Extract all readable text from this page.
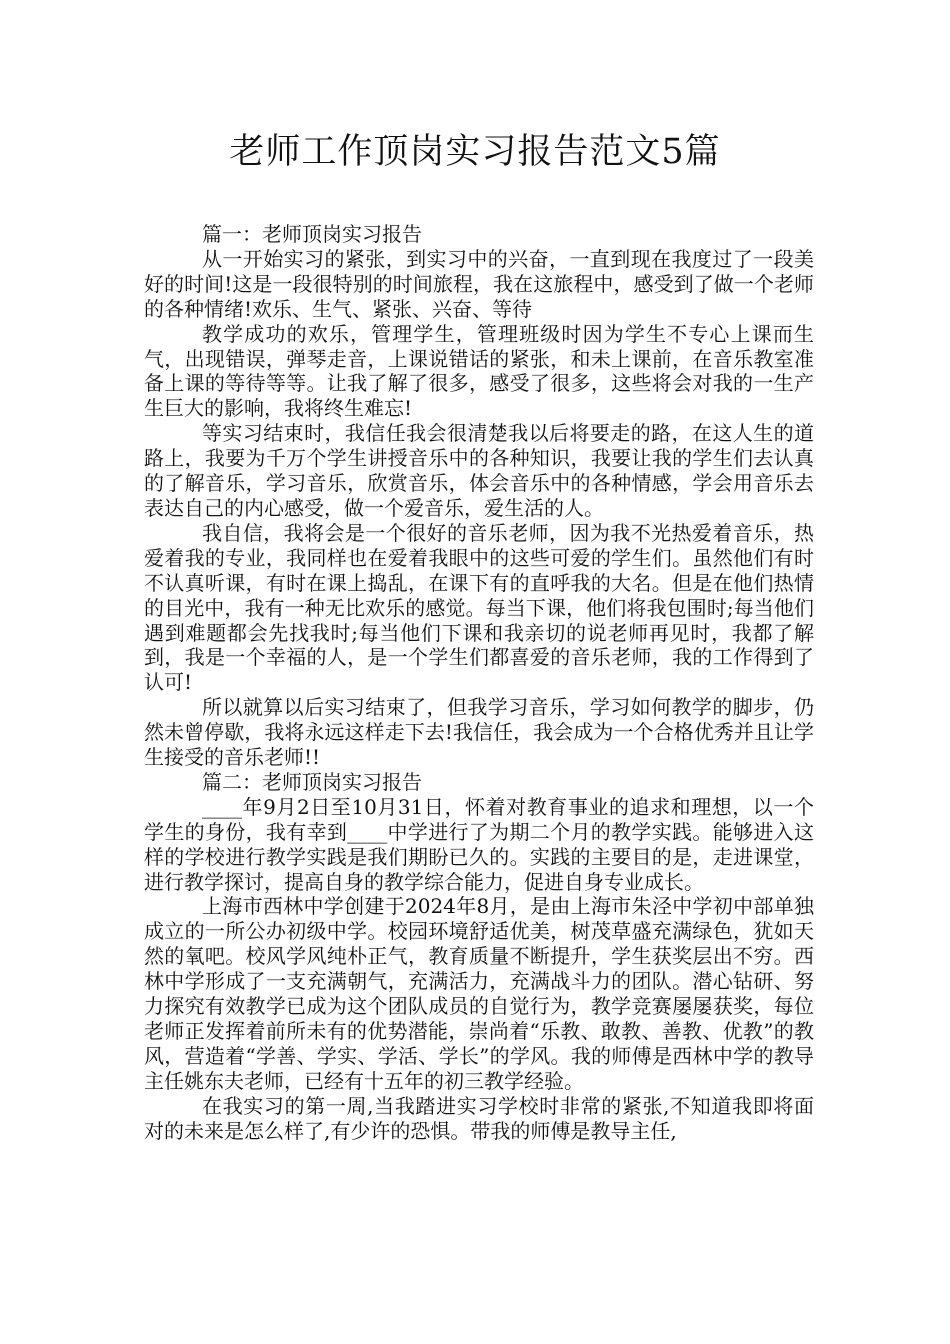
老师工作顶岗实习报告范文5篇

篇一：老师顶岗实习报告

从一开始实习的紧张，到实习中的兴奋，一直到现在我度过了一段美好的时间!这是一段很特别的时间旅程，我在这旅程中，感受到了做一个老师的各种情绪!欢乐、生气、紧张、兴奋、等待

教学成功的欢乐，管理学生，管理班级时因为学生不专心上课而生气，出现错误，弹琴走音，上课说错话的紧张，和未上课前，在音乐教室准备上课的等待等等。让我了解了很多，感受了很多，这些将会对我的一生产生巨大的影响，我将终生难忘!

等实习结束时，我信任我会很清楚我以后将要走的路，在这人生的道路上，我要为千万个学生讲授音乐中的各种知识，我要让我的学生们去认真的了解音乐，学习音乐，欣赏音乐，体会音乐中的各种情感，学会用音乐去表达自己的内心感受，做一个爱音乐，爱生活的人。

我自信，我将会是一个很好的音乐老师，因为我不光热爱着音乐，热爱着我的专业，我同样也在爱着我眼中的这些可爱的学生们。虽然他们有时不认真听课，有时在课上捣乱，在课下有的直呼我的大名。但是在他们热情的目光中，我有一种无比欢乐的感觉。每当下课，他们将我包围时;每当他们遇到难题都会先找我时;每当他们下课和我亲切的说老师再见时，我都了解到，我是一个幸福的人，是一个学生们都喜爱的音乐老师，我的工作得到了认可!

所以就算以后实习结束了，但我学习音乐，学习如何教学的脚步，仍然未曾停歇，我将永远这样走下去!我信任，我会成为一个合格优秀并且让学生接受的音乐老师!!

篇二：老师顶岗实习报告

____年9月2日至10月31日，怀着对教育事业的追求和理想，以一个学生的身份，我有幸到____中学进行了为期二个月的教学实践。能够进入这样的学校进行教学实践是我们期盼已久的。实践的主要目的是，走进课堂，进行教学探讨，提高自身的教学综合能力，促进自身专业成长。

上海市西林中学创建于2024年8月，是由上海市朱泾中学初中部单独成立的一所公办初级中学。校园环境舒适优美，树茂草盛充满绿色，犹如天然的氧吧。校风学风纯朴正气，教育质量不断提升，学生获奖层出不穷。西林中学形成了一支充满朝气，充满活力，充满战斗力的团队。潜心钻研、努力探究有效教学已成为这个团队成员的自觉行为，教学竞赛屡屡获奖，每位老师正发挥着前所未有的优势潜能，崇尚着“乐教、敢教、善教、优教”的教风，营造着“学善、学实、学活、学长”的学风。我的师傅是西林中学的教导主任姚东夫老师，已经有十五年的初三教学经验。

在我实习的第一周,当我踏进实习学校时非常的紧张,不知道我即将面对的未来是怎么样了,有少许的恐惧。带我的师傅是教导主任,
